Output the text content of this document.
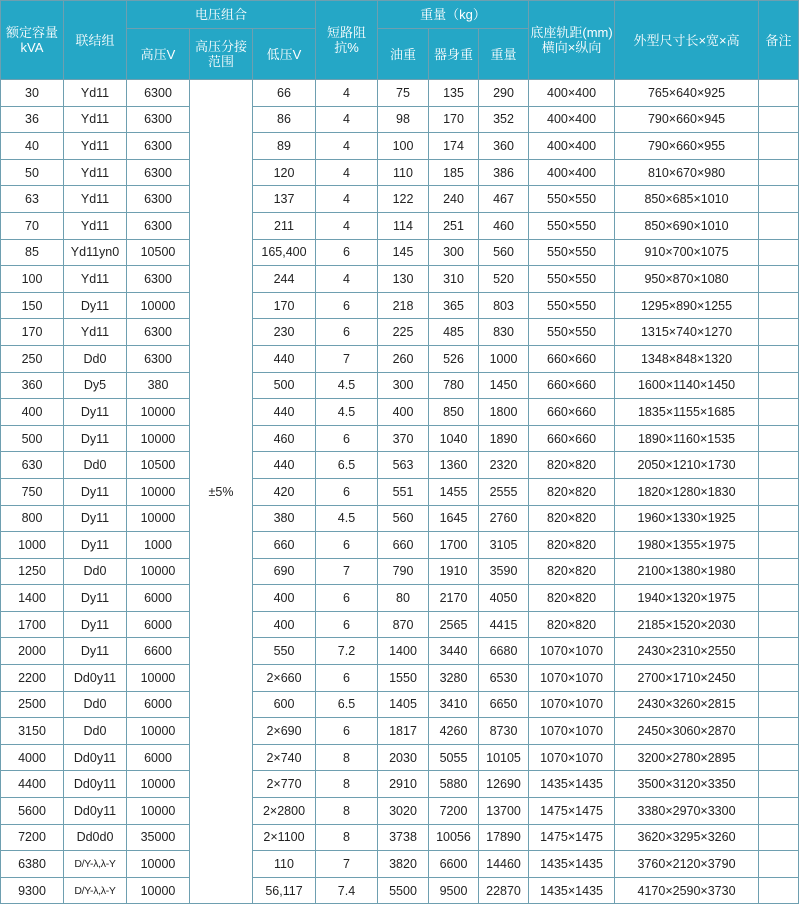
额定容量kVA	联结组	电压组合			短路阻抗%	重量（kg）			底座轨距(mm)横向×纵向	外型尺寸长×宽×高	备注
		高压V	高压分接范围	低压V		油重	器身重	重量			
30	Yd11	6300	±5%	66	4	75	135	290	400×400	765×640×925	
36	Yd11	6300		86	4	98	170	352	400×400	790×660×945	
40	Yd11	6300		89	4	100	174	360	400×400	790×660×955	
50	Yd11	6300		120	4	110	185	386	400×400	810×670×980	
63	Yd11	6300		137	4	122	240	467	550×550	850×685×1010	
70	Yd11	6300		211	4	114	251	460	550×550	850×690×1010	
85	Yd11yn0	10500		165,400	6	145	300	560	550×550	910×700×1075	
100	Yd11	6300		244	4	130	310	520	550×550	950×870×1080	
150	Dy11	10000		170	6	218	365	803	550×550	1295×890×1255	
170	Yd11	6300		230	6	225	485	830	550×550	1315×740×1270	
250	Dd0	6300		440	7	260	526	1000	660×660	1348×848×1320	
360	Dy5	380		500	4.5	300	780	1450	660×660	1600×1140×1450	
400	Dy11	10000		440	4.5	400	850	1800	660×660	1835×1155×1685	
500	Dy11	10000		460	6	370	1040	1890	660×660	1890×1160×1535	
630	Dd0	10500		440	6.5	563	1360	2320	820×820	2050×1210×1730	
750	Dy11	10000		420	6	551	1455	2555	820×820	1820×1280×1830	
800	Dy11	10000		380	4.5	560	1645	2760	820×820	1960×1330×1925	
1000	Dy11	1000		660	6	660	1700	3105	820×820	1980×1355×1975	
1250	Dd0	10000		690	7	790	1910	3590	820×820	2100×1380×1980	
1400	Dy11	6000		400	6	80	2170	4050	820×820	1940×1320×1975	
1700	Dy11	6000		400	6	870	2565	4415	820×820	2185×1520×2030	
2000	Dy11	6600		550	7.2	1400	3440	6680	1070×1070	2430×2310×2550	
2200	Dd0y11	10000		2×660	6	1550	3280	6530	1070×1070	2700×1710×2450	
2500	Dd0	6000		600	6.5	1405	3410	6650	1070×1070	2430×3260×2815	
3150	Dd0	10000		2×690	6	1817	4260	8730	1070×1070	2450×3060×2870	
4000	Dd0y11	6000		2×740	8	2030	5055	10105	1070×1070	3200×2780×2895	
4400	Dd0y11	10000		2×770	8	2910	5880	12690	1435×1435	3500×3120×3350	
5600	Dd0y11	10000		2×2800	8	3020	7200	13700	1475×1475	3380×2970×3300	
7200	Dd0d0	35000		2×1100	8	3738	10056	17890	1475×1475	3620×3295×3260	
6380	D/Y-λ,λ-Y	10000		110	7	3820	6600	14460	1435×1435	3760×2120×3790	
9300	D/Y-λ,λ-Y	10000		56,117	7.4	5500	9500	22870	1435×1435	4170×2590×3730	
